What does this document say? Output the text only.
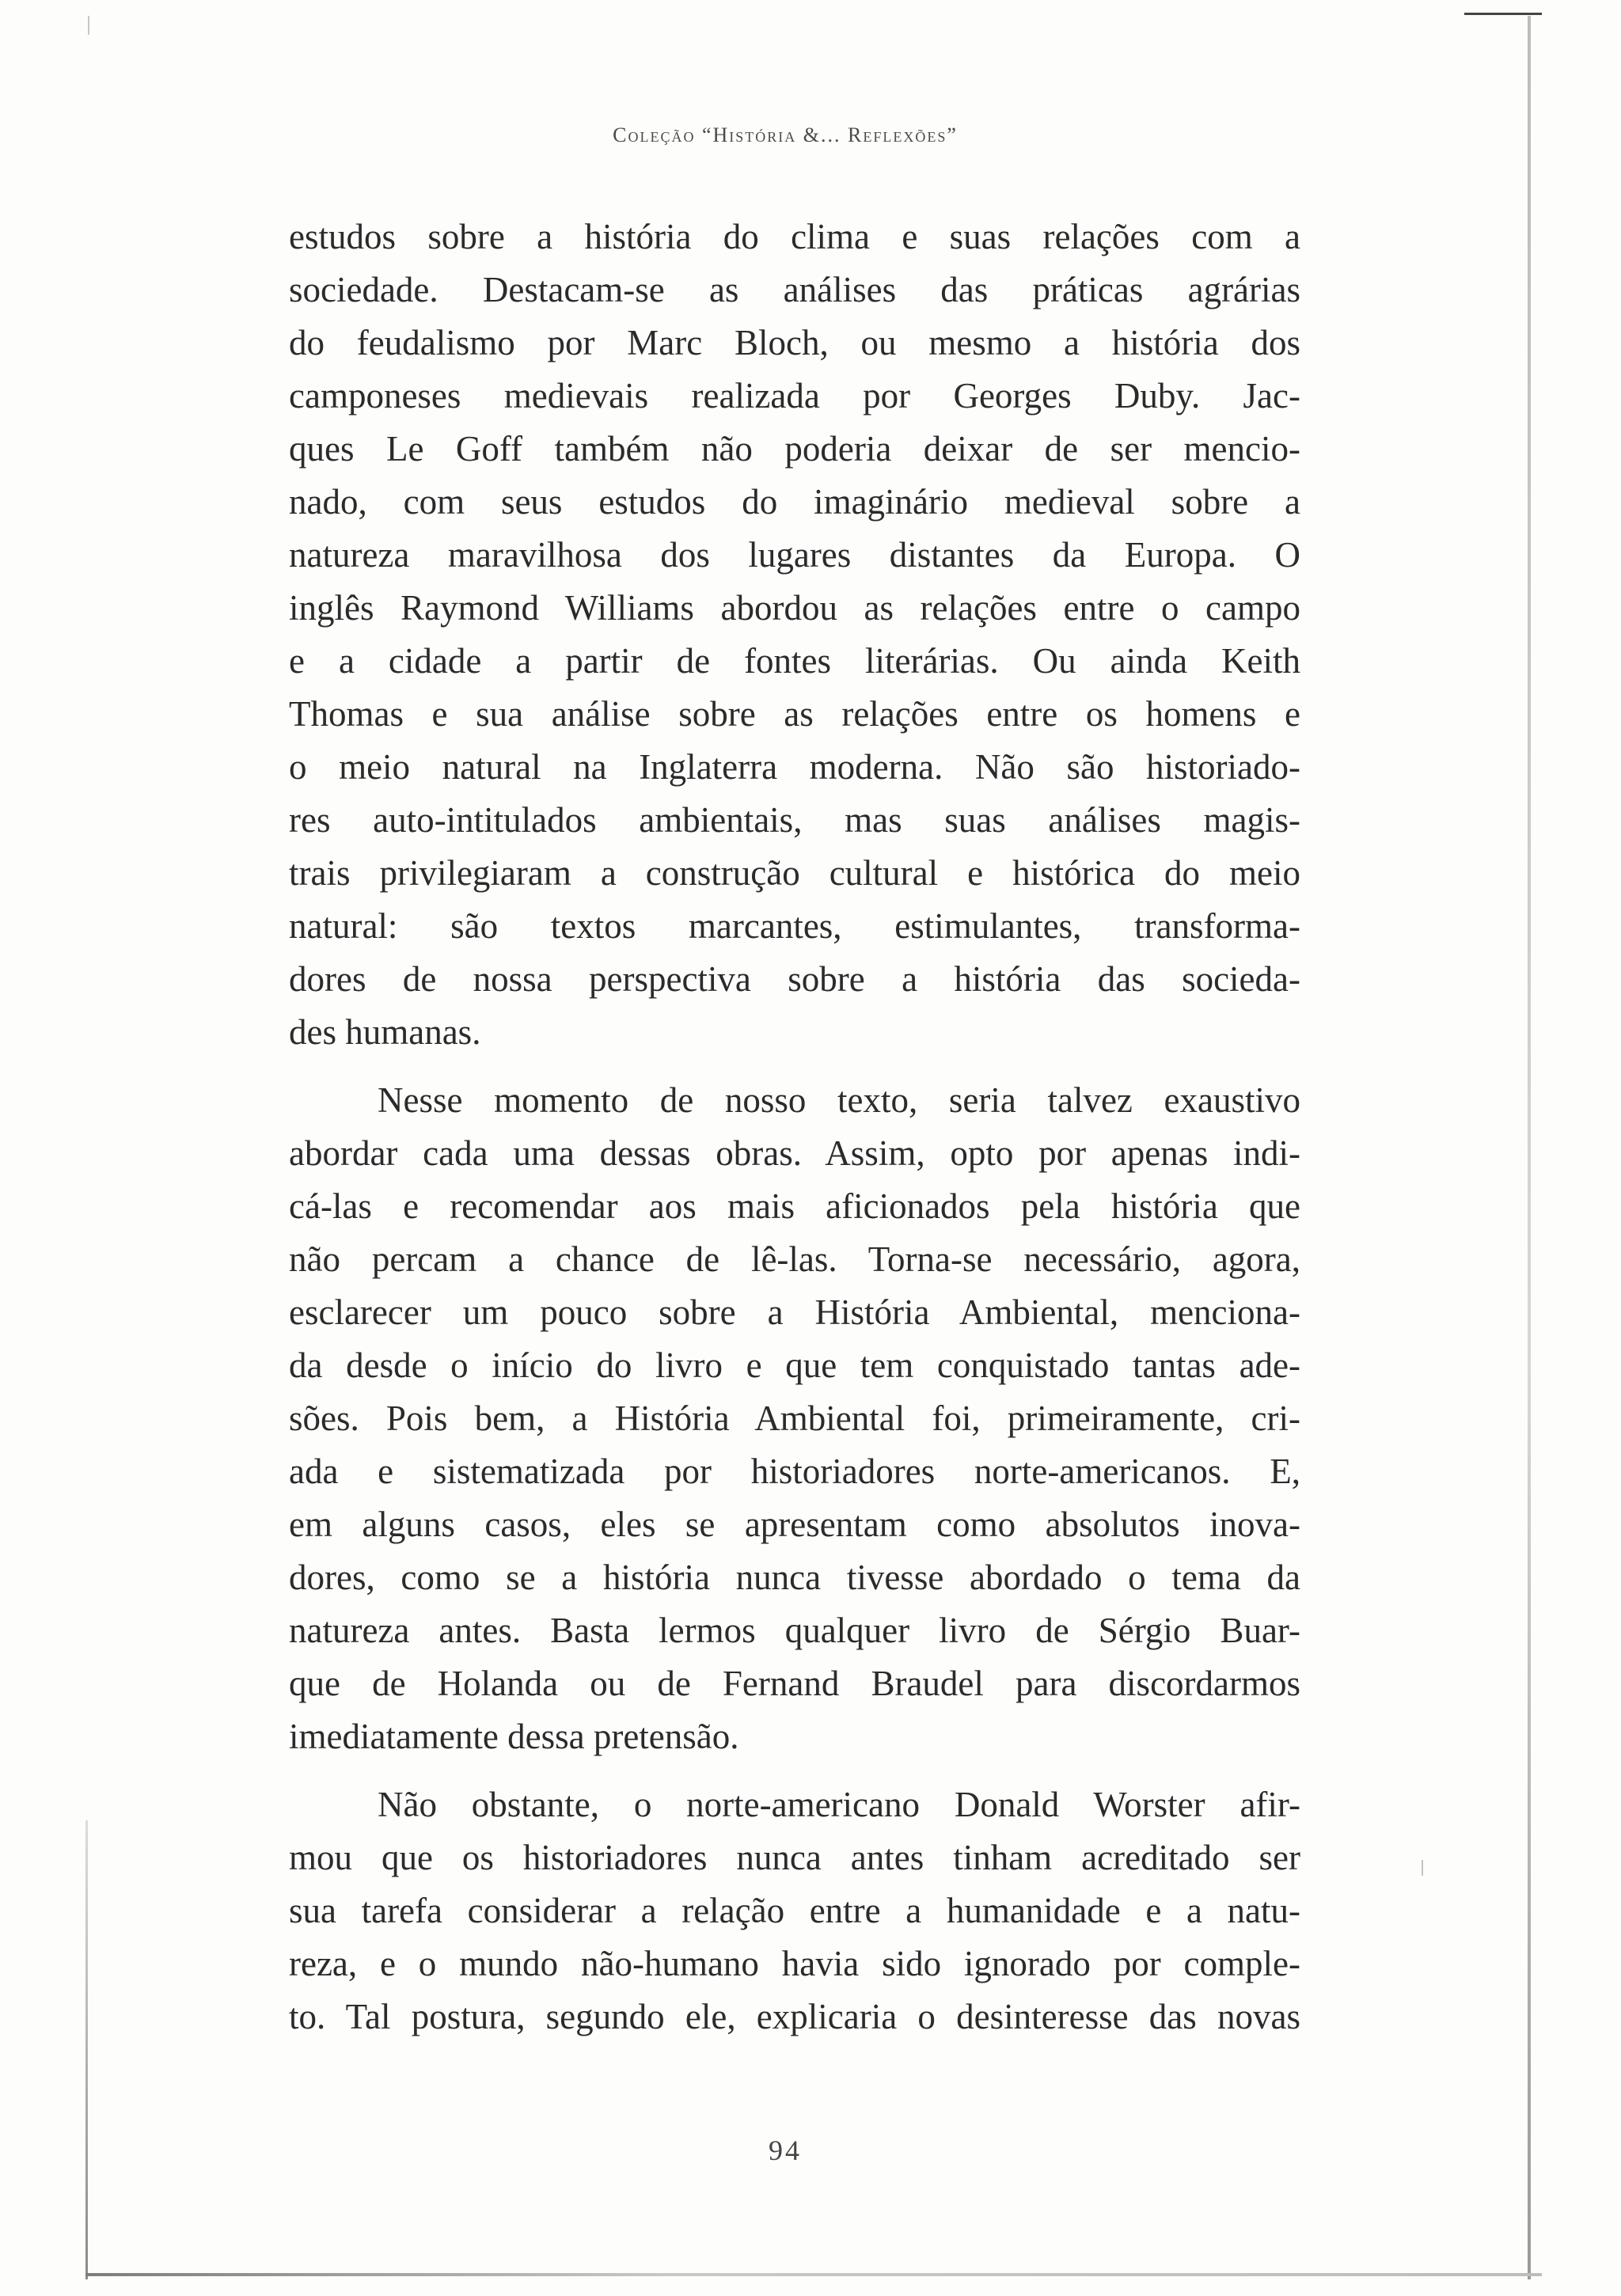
Coleção “História &... Reflexões”
estudos sobre a história do clima e suas relações com a
sociedade. Destacam-se as análises das práticas agrárias
do feudalismo por Marc Bloch, ou mesmo a história dos
camponeses medievais realizada por Georges Duby. Jac-
ques Le Goff também não poderia deixar de ser mencio-
nado, com seus estudos do imaginário medieval sobre a
natureza maravilhosa dos lugares distantes da Europa. O
inglês Raymond Williams abordou as relações entre o campo
e a cidade a partir de fontes literárias. Ou ainda Keith
Thomas e sua análise sobre as relações entre os homens e
o meio natural na Inglaterra moderna. Não são historiado-
res auto-intitulados ambientais, mas suas análises magis-
trais privilegiaram a construção cultural e histórica do meio
natural: são textos marcantes, estimulantes, transforma-
dores de nossa perspectiva sobre a história das socieda-
des humanas.
Nesse momento de nosso texto, seria talvez exaustivo
abordar cada uma dessas obras. Assim, opto por apenas indi-
cá-las e recomendar aos mais aficionados pela história que
não percam a chance de lê-las. Torna-se necessário, agora,
esclarecer um pouco sobre a História Ambiental, menciona-
da desde o início do livro e que tem conquistado tantas ade-
sões. Pois bem, a História Ambiental foi, primeiramente, cri-
ada e sistematizada por historiadores norte-americanos. E,
em alguns casos, eles se apresentam como absolutos inova-
dores, como se a história nunca tivesse abordado o tema da
natureza antes. Basta lermos qualquer livro de Sérgio Buar-
que de Holanda ou de Fernand Braudel para discordarmos
imediatamente dessa pretensão.
Não obstante, o norte-americano Donald Worster afir-
mou que os historiadores nunca antes tinham acreditado ser
sua tarefa considerar a relação entre a humanidade e a natu-
reza, e o mundo não-humano havia sido ignorado por comple-
to. Tal postura, segundo ele, explicaria o desinteresse das novas
94
